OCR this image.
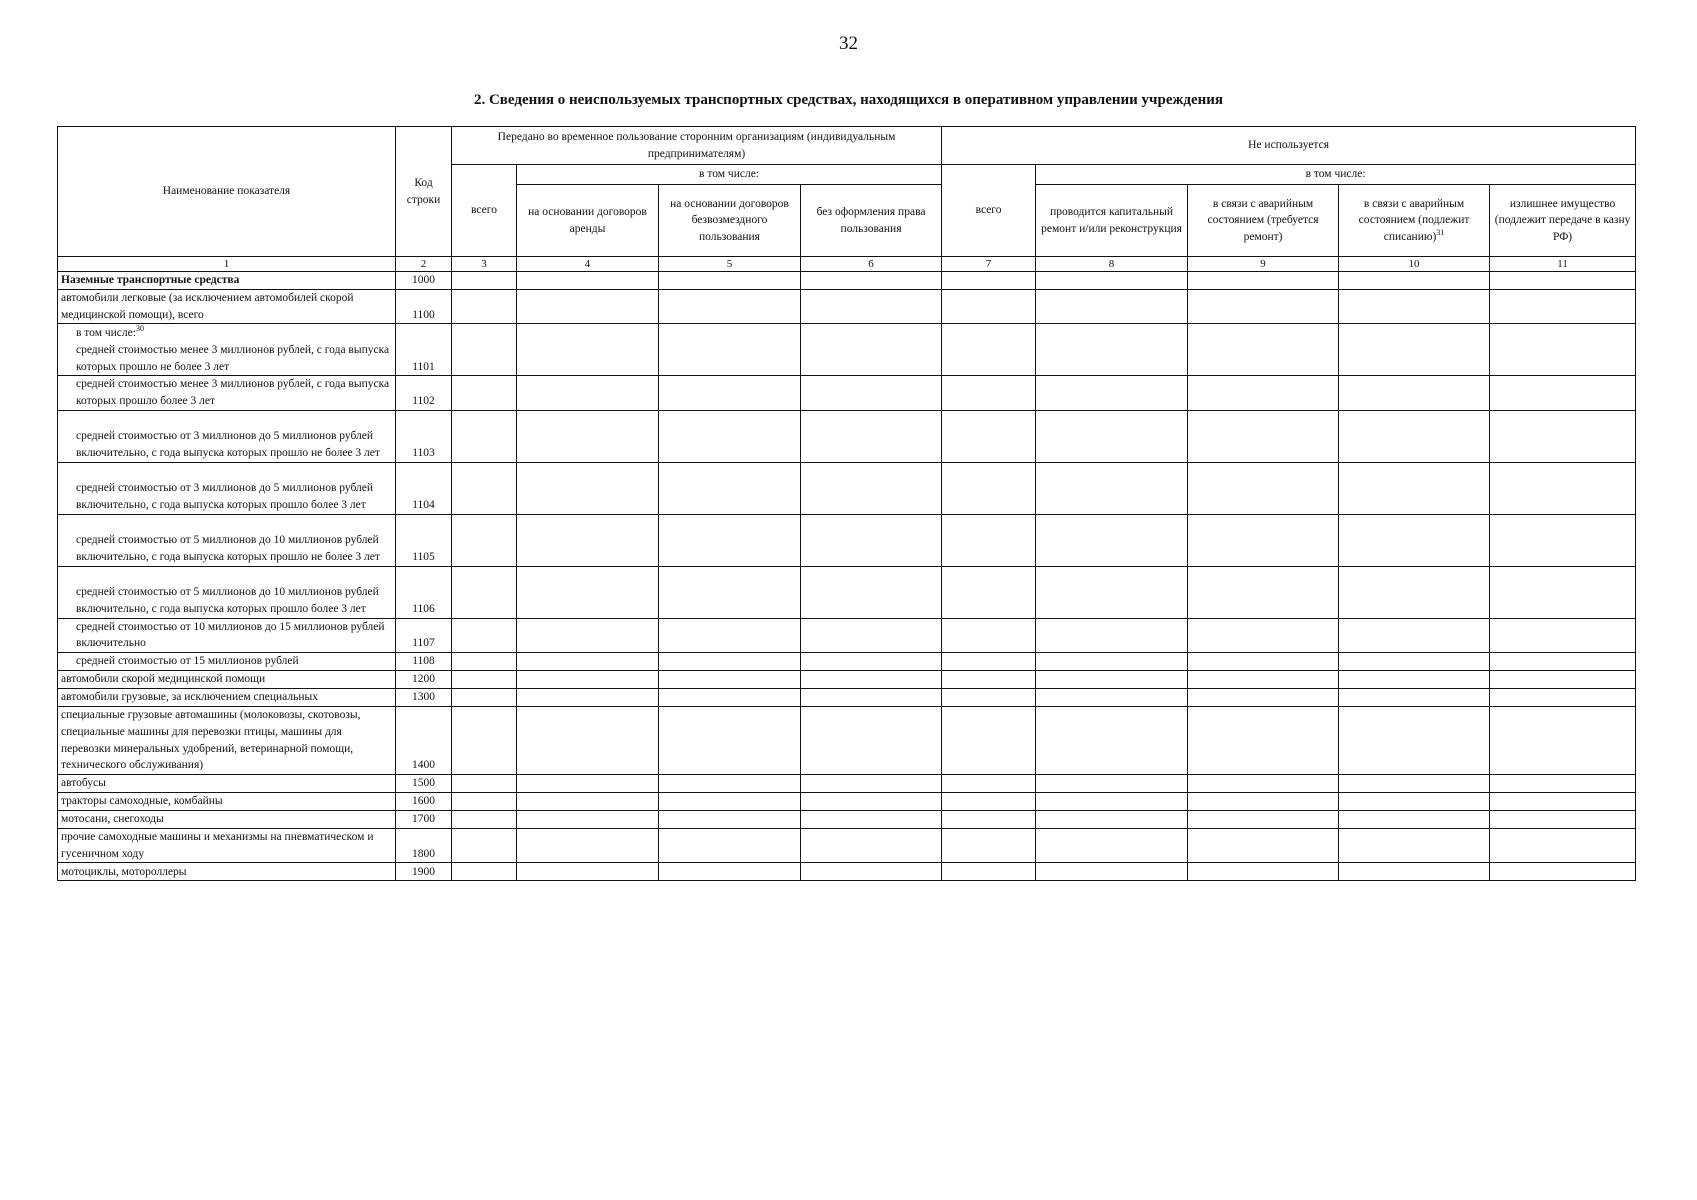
32
2. Сведения о неиспользуемых транспортных средствах, находящихся в оперативном управлении учреждения
Наименование показателя	Код строки	Передано во временное пользование сторонним организациям (индивидуальным предпринимателям)				Не используется				
		всего	в том числе:			всего	в том числе:			
			на основании договоров аренды	на основании договоров безвозмездного пользования	без оформления права пользования		проводится капитальный ремонт и/или реконструкция	в связи с аварийным состоянием (требуется ремонт)	в связи с аварийным состоянием (подлежит списанию)$^{31}$	излишнее имущество (подлежит передаче в казну РФ)
1	2	3	4	5	6	7	8	9	10	11
Наземные транспортные средства	1000									
автомобили легковые (за исключением автомобилей скорой медицинской помощи), всего	1100									
в том числе:$^{30}$
средней стоимостью менее 3 миллионов рублей, с года выпуска которых прошло не более 3 лет	1101									
средней стоимостью менее 3 миллионов рублей, с года выпуска которых прошло более 3 лет	1102									
средней стоимостью от 3 миллионов до 5 миллионов рублей включительно, с года выпуска которых прошло не более 3 лет	1103									
средней стоимостью от 3 миллионов до 5 миллионов рублей включительно, с года выпуска которых прошло более 3 лет	1104									
средней стоимостью от 5 миллионов до 10 миллионов рублей включительно, с года выпуска которых прошло не более 3 лет	1105									
средней стоимостью от 5 миллионов до 10 миллионов рублей включительно, с года выпуска которых прошло более 3 лет	1106									
средней стоимостью от 10 миллионов до 15 миллионов рублей включительно	1107									
средней стоимостью от 15 миллионов рублей	1108									
автомобили скорой медицинской помощи	1200									
автомобили грузовые, за исключением специальных	1300									
специальные грузовые автомашины (молоковозы, скотовозы, специальные машины для перевозки птицы, машины для перевозки минеральных удобрений, ветеринарной помощи, технического обслуживания)	1400									
автобусы	1500									
тракторы самоходные, комбайны	1600									
мотосани, снегоходы	1700									
прочие самоходные машины и механизмы на пневматическом и гусеничном ходу	1800									
мотоциклы, мотороллеры	1900									
